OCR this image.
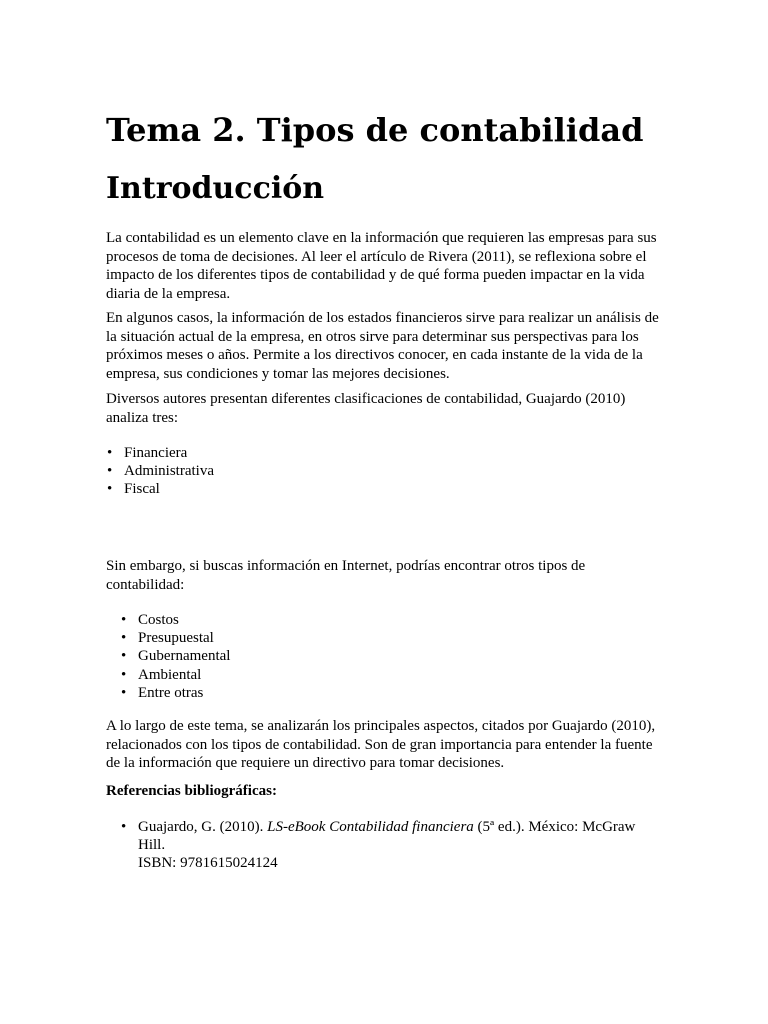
Tema 2. Tipos de contabilidad
Introducción

La contabilidad es un elemento clave en la información que requieren las empresas para sus procesos de toma de decisiones. Al leer el artículo de Rivera (2011), se reflexiona sobre el impacto de los diferentes tipos de contabilidad y de qué forma pueden impactar en la vida diaria de la empresa.

En algunos casos, la información de los estados financieros sirve para realizar un análisis de la situación actual de la empresa, en otros sirve para determinar sus perspectivas para los próximos meses o años. Permite a los directivos conocer, en cada instante de la vida de la empresa, sus condiciones y tomar las mejores decisiones.

Diversos autores presentan diferentes clasificaciones de contabilidad, Guajardo (2010) analiza tres:

• Financiera
• Administrativa
• Fiscal

Sin embargo, si buscas información en Internet, podrías encontrar otros tipos de contabilidad:

• Costos
• Presupuestal
• Gubernamental
• Ambiental
• Entre otras

A lo largo de este tema, se analizarán los principales aspectos, citados por Guajardo (2010), relacionados con los tipos de contabilidad. Son de gran importancia para entender la fuente de la información que requiere un directivo para tomar decisiones.

Referencias bibliográficas:

• Guajardo, G. (2010). LS-eBook Contabilidad financiera (5ª ed.). México: McGraw
Hill.
ISBN: 9781615024124
